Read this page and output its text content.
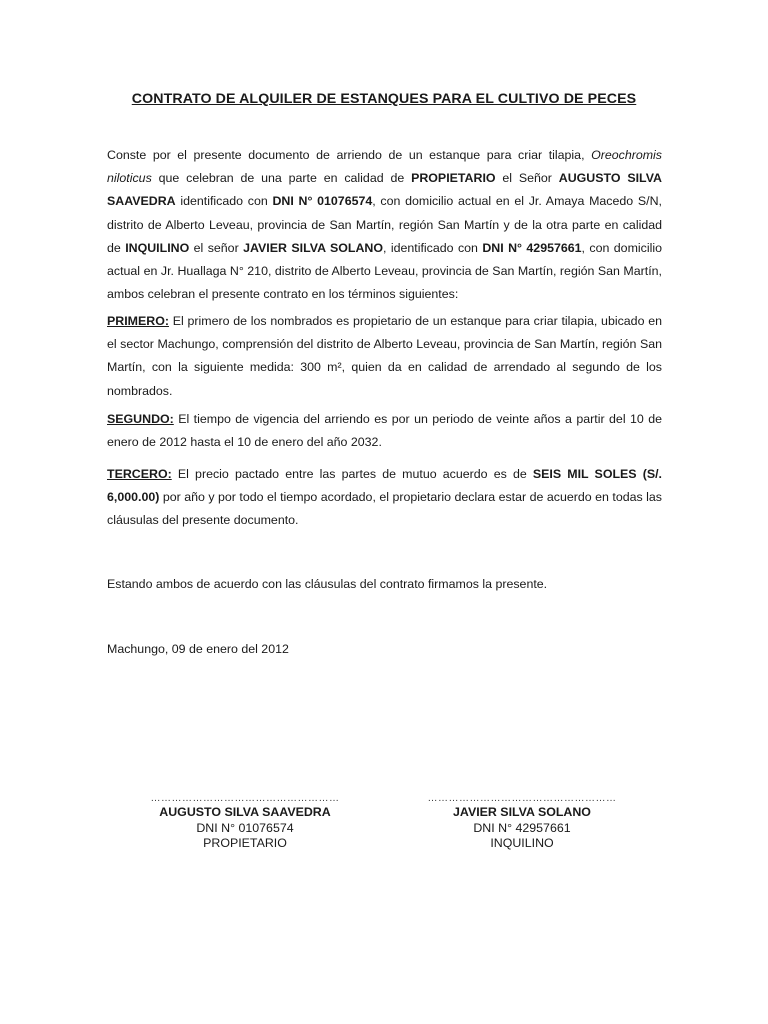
CONTRATO DE ALQUILER DE ESTANQUES PARA EL CULTIVO DE PECES
Conste por el presente documento de arriendo de un estanque para criar tilapia, Oreochromis niloticus que celebran de una parte en calidad de PROPIETARIO el Señor AUGUSTO SILVA SAAVEDRA identificado con DNI N° 01076574, con domicilio actual en el Jr. Amaya Macedo S/N, distrito de Alberto Leveau, provincia de San Martín, región San Martín y de la otra parte en calidad de INQUILINO el señor JAVIER SILVA SOLANO, identificado con DNI N° 42957661, con domicilio actual en Jr. Huallaga N° 210, distrito de Alberto Leveau, provincia de San Martín, región San Martín, ambos celebran el presente contrato en los términos siguientes:
PRIMERO: El primero de los nombrados es propietario de un estanque para criar tilapia, ubicado en el sector Machungo, comprensión del distrito de Alberto Leveau, provincia de San Martín, región San Martín, con la siguiente medida: 300 m², quien da en calidad de arrendado al segundo de los nombrados.
SEGUNDO: El tiempo de vigencia del arriendo es por un periodo de veinte años a partir del 10 de enero de 2012 hasta el 10 de enero del año 2032.
TERCERO: El precio pactado entre las partes de mutuo acuerdo es de SEIS MIL SOLES (S/. 6,000.00) por año y por todo el tiempo acordado, el propietario declara estar de acuerdo en todas las cláusulas del presente documento.
Estando ambos de acuerdo con las cláusulas del contrato firmamos la presente.
Machungo, 09 de enero del 2012
………………………………………………
AUGUSTO SILVA SAAVEDRA
DNI N° 01076574
PROPIETARIO
………………………………………………
JAVIER SILVA SOLANO
DNI N° 42957661
INQUILINO
